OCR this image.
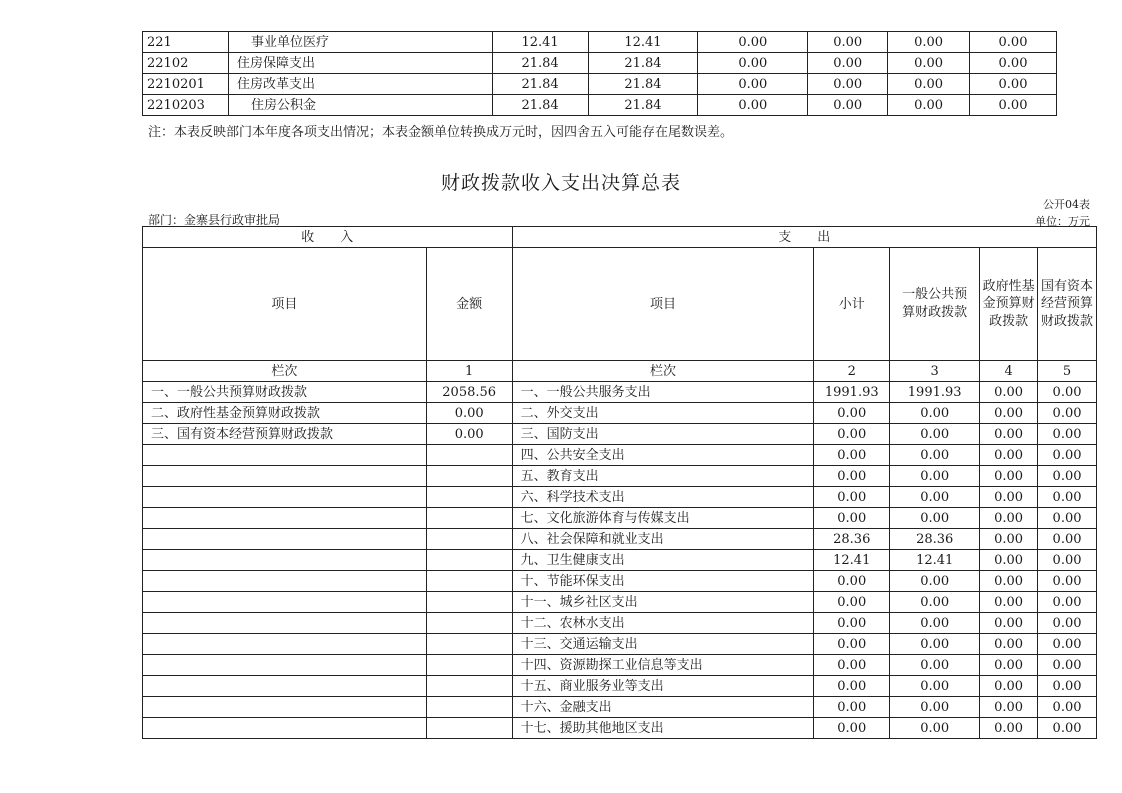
221	事业单位医疗	12.41	12.41	0.00	0.00	0.00	0.00
22102	住房保障支出	21.84	21.84	0.00	0.00	0.00	0.00
2210201	住房改革支出	21.84	21.84	0.00	0.00	0.00	0.00
2210203	住房公积金	21.84	21.84	0.00	0.00	0.00	0.00
注：本表反映部门本年度各项支出情况；本表金额单位转换成万元时，因四舍五入可能存在尾数误差。
财政拨款收入支出决算总表
公开04表
部门：金寨县行政审批局	单位：万元
收　　入		支　　出				
项目	金额	项目	小计	一般公共预算财政拨款	政府性基金预算财政拨款	国有资本经营预算财政拨款
栏次	1	栏次	2	3	4	5
一、一般公共预算财政拨款	2058.56	一、一般公共服务支出	1991.93	1991.93	0.00	0.00
二、政府性基金预算财政拨款	0.00	二、外交支出	0.00	0.00	0.00	0.00
三、国有资本经营预算财政拨款	0.00	三、国防支出	0.00	0.00	0.00	0.00
		四、公共安全支出	0.00	0.00	0.00	0.00
		五、教育支出	0.00	0.00	0.00	0.00
		六、科学技术支出	0.00	0.00	0.00	0.00
		七、文化旅游体育与传媒支出	0.00	0.00	0.00	0.00
		八、社会保障和就业支出	28.36	28.36	0.00	0.00
		九、卫生健康支出	12.41	12.41	0.00	0.00
		十、节能环保支出	0.00	0.00	0.00	0.00
		十一、城乡社区支出	0.00	0.00	0.00	0.00
		十二、农林水支出	0.00	0.00	0.00	0.00
		十三、交通运输支出	0.00	0.00	0.00	0.00
		十四、资源勘探工业信息等支出	0.00	0.00	0.00	0.00
		十五、商业服务业等支出	0.00	0.00	0.00	0.00
		十六、金融支出	0.00	0.00	0.00	0.00
		十七、援助其他地区支出	0.00	0.00	0.00	0.00
